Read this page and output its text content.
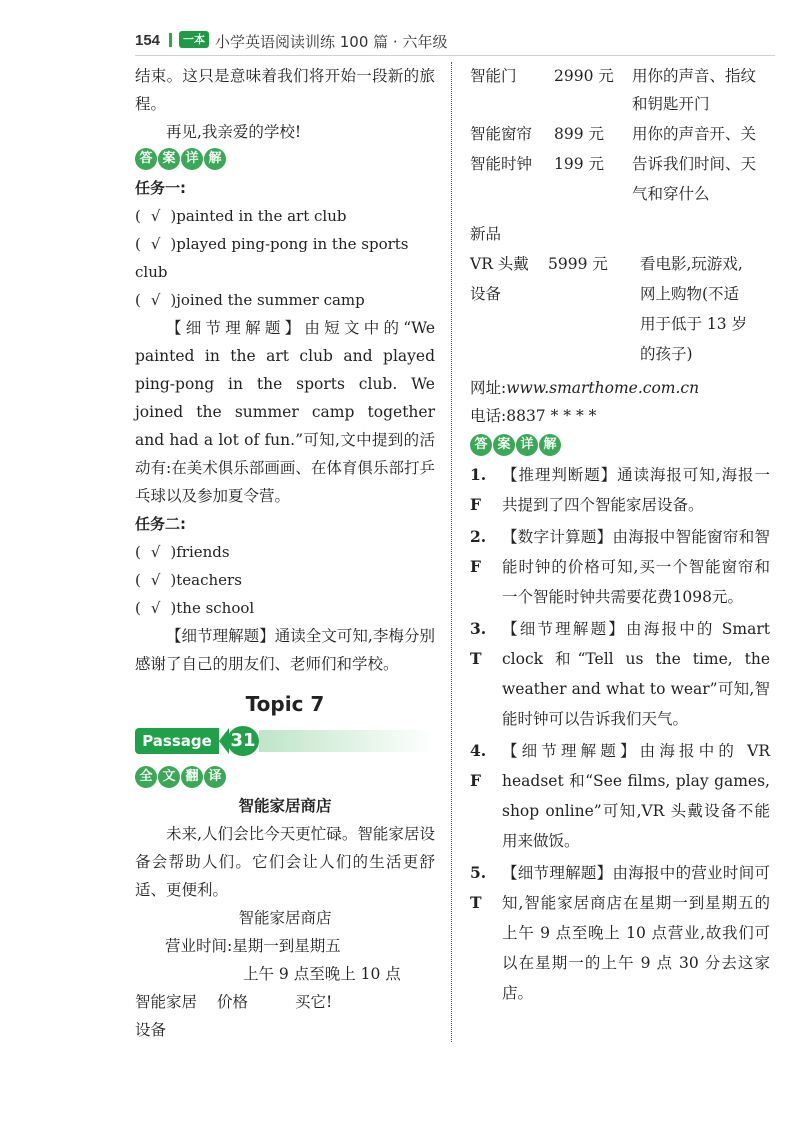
154	一本 小学英语阅读训练 100 篇 · 六年级

结束。这只是意味着我们将开始一段新的旅程。

再见,我亲爱的学校!

答 案 详 解

任务一:

( √ )painted in the art club

( √ )played ping-pong in the sports club

( √ )joined the summer camp

【细节理解题】由短文中的“We painted in the art club and played ping-pong in the sports club. We joined the summer camp together and had a lot of fun.”可知,文中提到的活动有:在美术俱乐部画画、在体育俱乐部打乒乓球以及参加夏令营。

任务二:

( √ )friends

( √ )teachers

( √ )the school

【细节理解题】通读全文可知,李梅分别感谢了自己的朋友们、老师们和学校。

Topic 7
Passage	31
全 文 翻 译

智能家居商店

未来,人们会比今天更忙碌。智能家居设备会帮助人们。它们会让人们的生活更舒适、更便利。

智能家居商店

营业时间:星期一到星期五

上午 9 点至晚上 10 点

智能家居 价格	买它!
设备
智能门 2990 元 用你的声音、指纹
和钥匙开门
智能窗帘 899 元 用你的声音开、关
智能时钟 199 元 告诉我们时间、天
气和穿什么
新品
VR 头戴 5999 元 看电影,玩游戏,
设备	网上购物(不适
用于低于 13 岁
的孩子)

网址:www.smarthome.com.cn

电话:8837 * * * *

答 案 详 解
1. F
【推理判断题】通读海报可知,海报一共提到了四个智能家居设备。
2. F
【数字计算题】由海报中智能窗帘和智能时钟的价格可知,买一个智能窗帘和一个智能时钟共需要花费1098元。
3. T
【细节理解题】由海报中的 Smart clock 和“Tell us the time, the weather and what to wear”可知,智能时钟可以告诉我们天气。
4. F
【细节理解题】由海报中的 VR headset 和“See films, play games, shop online”可知,VR 头戴设备不能用来做饭。
5. T
【细节理解题】由海报中的营业时间可知,智能家居商店在星期一到星期五的上午 9 点至晚上 10 点营业,故我们可以在星期一的上午 9 点 30 分去这家店。
